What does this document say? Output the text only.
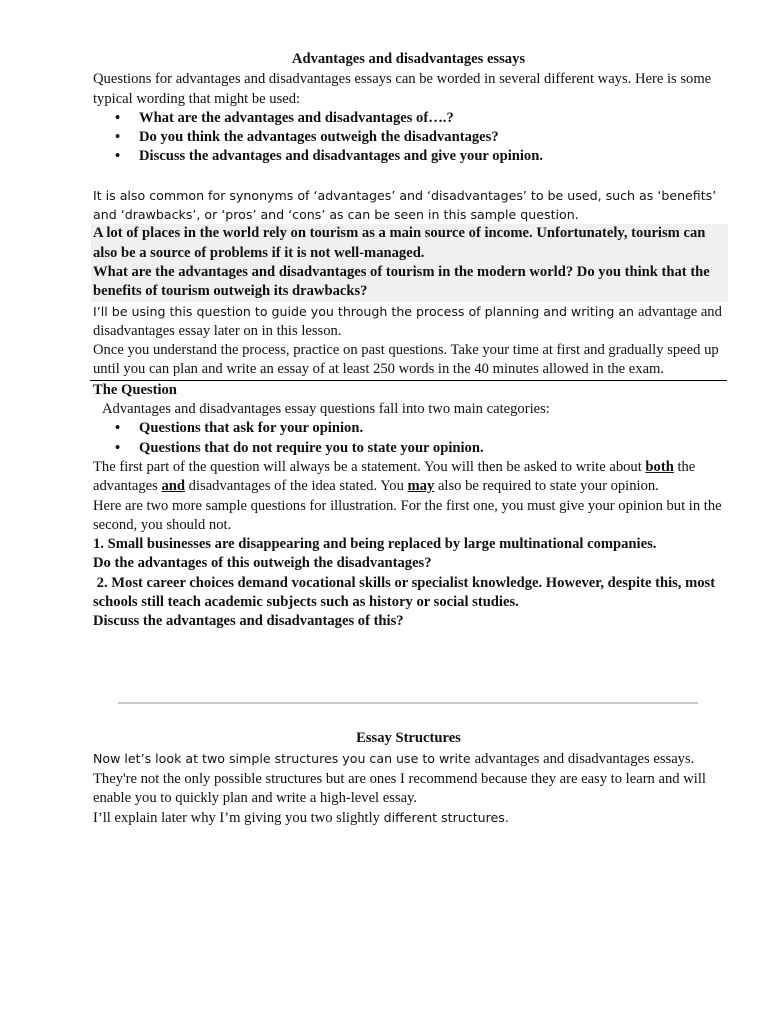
Advantages and disadvantages essays

Questions for advantages and disadvantages essays can be worded in several different ways. Here is some typical wording that might be used:

• What are the advantages and disadvantages of….?
• Do you think the advantages outweigh the disadvantages?
• Discuss the advantages and disadvantages and give your opinion.

It is also common for synonyms of ‘advantages’ and ‘disadvantages’ to be used, such as ‘benefits’ and ‘drawbacks’, or ‘pros’ and ‘cons’ as can be seen in this sample question.

A lot of places in the world rely on tourism as a main source of income. Unfortunately, tourism can also be a source of problems if it is not well-managed.

What are the advantages and disadvantages of tourism in the modern world? Do you think that the benefits of tourism outweigh its drawbacks?

I’ll be using this question to guide you through the process of planning and writing an advantage and disadvantages essay later on in this lesson.

Once you understand the process, practice on past questions. Take your time at first and gradually speed up until you can plan and write an essay of at least 250 words in the 40 minutes allowed in the exam.

The Question

Advantages and disadvantages essay questions fall into two main categories:

• Questions that ask for your opinion.
• Questions that do not require you to state your opinion.

The first part of the question will always be a statement. You will then be asked to write about both the advantages and disadvantages of the idea stated. You may also be required to state your opinion.

Here are two more sample questions for illustration. For the first one, you must give your opinion but in the second, you should not.

1. Small businesses are disappearing and being replaced by large multinational companies.

Do the advantages of this outweigh the disadvantages?

2. Most career choices demand vocational skills or specialist knowledge. However, despite this, most schools still teach academic subjects such as history or social studies.

Discuss the advantages and disadvantages of this?

Essay Structures

Now let’s look at two simple structures you can use to write advantages and disadvantages essays.

They're not the only possible structures but are ones I recommend because they are easy to learn and will enable you to quickly plan and write a high-level essay.

I’ll explain later why I’m giving you two slightly different structures.
